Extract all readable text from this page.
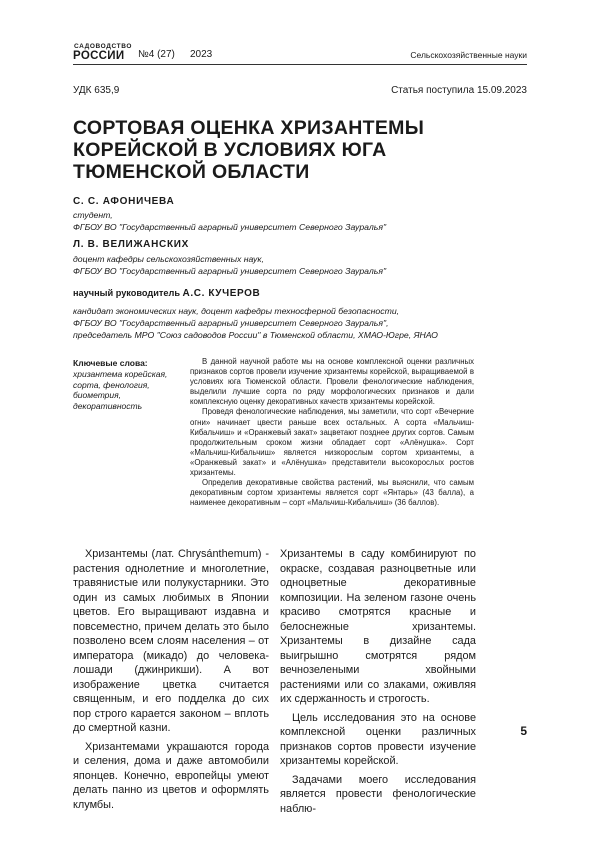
САДОВОДСТВО
РОССИИ №4 (27) 2023	Сельскохозяйственные науки
УДК 635,9	Статья поступила 15.09.2023
СОРТОВАЯ ОЦЕНКА ХРИЗАНТЕМЫ
КОРЕЙСКОЙ В УСЛОВИЯХ ЮГА
ТЮМЕНСКОЙ ОБЛАСТИ
С. С. АФОНИЧЕВА
студент,
ФГБОУ ВО "Государственный аграрный университет Северного Зауралья"
Л. В. ВЕЛИЖАНСКИХ
доцент кафедры сельскохозяйственных наук,
ФГБОУ ВО "Государственный аграрный университет Северного Зауралья"
научный руководитель А.С. КУЧЕРОВ
кандидат экономических наук, доцент кафедры техносферной безопасности,
ФГБОУ ВО "Государственный аграрный университет Северного Зауралья",
председатель МРО "Союз садоводов России" в Тюменской области, ХМАО-Югре, ЯНАО
Ключевые слова:
хризантема корейская,
сорта, фенология,
биометрия,
декоративность

В данной научной работе мы на основе комплексной оценки различных признаков сортов провели изучение хризантемы корейской, выращиваемой в условиях юга Тюменской области. Провели фенологические наблюдения, выделили лучшие сорта по ряду морфологических признаков и дали комплексную оценку декоративных качеств хризантемы корейской.

Проведя фенологические наблюдения, мы заметили, что сорт «Вечерние огни» начинает цвести раньше всех остальных. А сорта «Мальчиш-Кибальчиш» и «Оранжевый закат» зацветают позднее других сортов. Самым продолжительным сроком жизни обладает сорт «Алёнушка». Сорт «Мальчиш-Кибальчиш» является низкорослым сортом хризантемы, а «Оранжевый закат» и «Алёнушка» представители высокорослых ростов хризантемы.

Определив декоративные свойства растений, мы выяснили, что самым декоративным сортом хризантемы является сорт «Янтарь» (43 балла), а наименее декоративным – сорт «Мальчиш-Кибальчиш» (36 баллов).

Хризантемы (лат. Chrysánthemum) - растения однолетние и многолетние, травянистые или полукустарники. Это один из самых любимых в Японии цветов. Его выращивают издавна и повсеместно, причем делать это было позволено всем слоям населения – от императора (микадо) до человека-лошади (джинрикши). А вот изображение цветка считается священным, и его подделка до сих пор строго карается законом – вплоть до смертной казни.

Хризантемами украшаются города и селения, дома и даже автомобили японцев. Конечно, европейцы умеют делать панно из цветов и оформлять клумбы.

Хризантемы в саду комбинируют по окраске, создавая разноцветные или одноцветные декоративные композиции. На зеленом газоне очень красиво смотрятся красные и белоснежные хризантемы. Хризантемы в дизайне сада выигрышно смотрятся рядом вечнозелеными хвойными растениями или со злаками, оживляя их сдержанность и строгость.

Цель исследования это на основе комплексной оценки различных признаков сортов провести изучение хризантемы корейской.

Задачами моего исследования является провести фенологические наблю-

5
